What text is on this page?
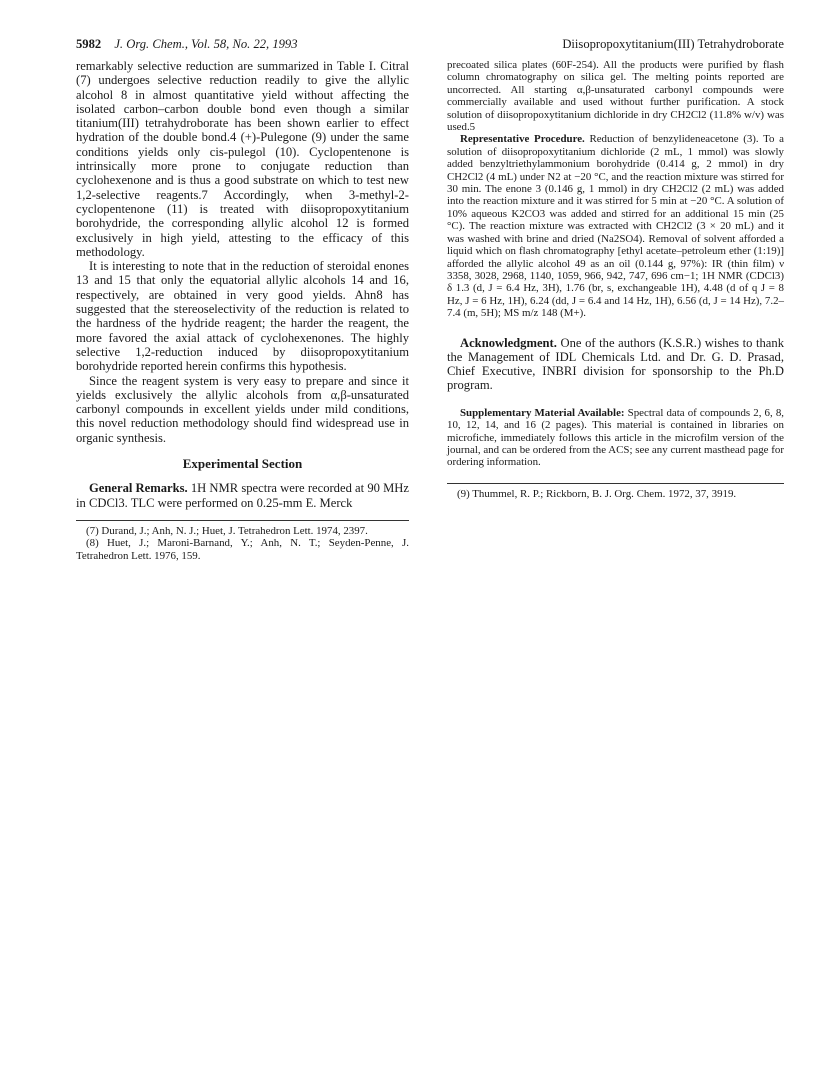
5982 J. Org. Chem., Vol. 58, No. 22, 1993	Diisopropoxytitanium(III) Tetrahydroborate

remarkably selective reduction are summarized in Table I. Citral (7) undergoes selective reduction readily to give the allylic alcohol 8 in almost quantitative yield without affecting the isolated carbon–carbon double bond even though a similar titanium(III) tetrahydroborate has been shown earlier to effect hydration of the double bond.4 (+)-Pulegone (9) under the same conditions yields only cis-pulegol (10). Cyclopentenone is intrinsically more prone to conjugate reduction than cyclohexenone and is thus a good substrate on which to test new 1,2-selective reagents.7 Accordingly, when 3-methyl-2-cyclopentenone (11) is treated with diisopropoxytitanium borohydride, the corresponding allylic alcohol 12 is formed exclusively in high yield, attesting to the efficacy of this methodology.

It is interesting to note that in the reduction of steroidal enones 13 and 15 that only the equatorial allylic alcohols 14 and 16, respectively, are obtained in very good yields. Ahn8 has suggested that the stereoselectivity of the reduction is related to the hardness of the hydride reagent; the harder the reagent, the more favored the axial attack of cyclohexenones. The highly selective 1,2-reduction induced by diisopropoxytitanium borohydride reported herein confirms this hypothesis.

Since the reagent system is very easy to prepare and since it yields exclusively the allylic alcohols from α,β-unsaturated carbonyl compounds in excellent yields under mild conditions, this novel reduction methodology should find widespread use in organic synthesis.

Experimental Section

General Remarks. 1H NMR spectra were recorded at 90 MHz in CDCl3. TLC were performed on 0.25-mm E. Merck

(7) Durand, J.; Anh, N. J.; Huet, J. Tetrahedron Lett. 1974, 2397.

(8) Huet, J.; Maroni-Barnand, Y.; Anh, N. T.; Seyden-Penne, J. Tetrahedron Lett. 1976, 159.

precoated silica plates (60F-254). All the products were purified by flash column chromatography on silica gel. The melting points reported are uncorrected. All starting α,β-unsaturated carbonyl compounds were commercially available and used without further purification. A stock solution of diisopropoxytitanium dichloride in dry CH2Cl2 (11.8% w/v) was used.5

Representative Procedure. Reduction of benzylideneacetone (3). To a solution of diisopropoxytitanium dichloride (2 mL, 1 mmol) was slowly added benzyltriethylammonium borohydride (0.414 g, 2 mmol) in dry CH2Cl2 (4 mL) under N2 at −20 °C, and the reaction mixture was stirred for 30 min. The enone 3 (0.146 g, 1 mmol) in dry CH2Cl2 (2 mL) was added into the reaction mixture and it was stirred for 5 min at −20 °C. A solution of 10% aqueous K2CO3 was added and stirred for an additional 15 min (25 °C). The reaction mixture was extracted with CH2Cl2 (3 × 20 mL) and it was washed with brine and dried (Na2SO4). Removal of solvent afforded a liquid which on flash chromatography [ethyl acetate–petroleum ether (1:19)] afforded the allylic alcohol 49 as an oil (0.144 g, 97%): IR (thin film) ν 3358, 3028, 2968, 1140, 1059, 966, 942, 747, 696 cm−1; 1H NMR (CDCl3) δ 1.3 (d, J = 6.4 Hz, 3H), 1.76 (br, s, exchangeable 1H), 4.48 (d of q J = 8 Hz, J = 6 Hz, 1H), 6.24 (dd, J = 6.4 and 14 Hz, 1H), 6.56 (d, J = 14 Hz), 7.2–7.4 (m, 5H); MS m/z 148 (M+).

Acknowledgment. One of the authors (K.S.R.) wishes to thank the Management of IDL Chemicals Ltd. and Dr. G. D. Prasad, Chief Executive, INBRI division for sponsorship to the Ph.D program.

Supplementary Material Available: Spectral data of compounds 2, 6, 8, 10, 12, 14, and 16 (2 pages). This material is contained in libraries on microfiche, immediately follows this article in the microfilm version of the journal, and can be ordered from the ACS; see any current masthead page for ordering information.

(9) Thummel, R. P.; Rickborn, B. J. Org. Chem. 1972, 37, 3919.
